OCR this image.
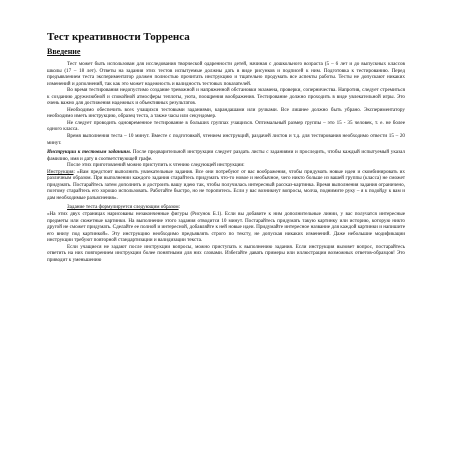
Тест креативности Торренса
Введение

Тест может быть использован для исследования творческой одаренности детей, начиная с дошкольного возраста (5 – 6 лет и до выпускных классов школы (17 – 18 лет). Ответы на задания этих тестов испытуемые должны дать в виде рисунков и подписей к ним. Подготовка к тестированию. Перед предъявлением теста экспериментатор должен полностью прочитать инструкцию и тщательно продумать все аспекты работы. Тесты не допускают никаких изменений и дополнений, так как это может надежность и валидность тестовых показателей.

Во время тестирования недопустимо создание тревожной и напряженной обстановки экзамена, проверки, соперничества. Напротив, следует стремиться к созданию дружелюбной и спокойной атмосферы теплоты, уюта, поощрения воображения. Тестирование должно проходить в виде увлекательной игры. Это очень важно для достижения надежных и объективных результатов.

Необходимо обеспечить всех учащихся тестовыми заданиями, карандашами или ручками. Все лишнее должно быть убрано. Экспериментатору необходимо иметь инструкцию, образец теста, а также часы или секундомер.

Не следует проводить одновременное тестирование в больших группах учащихся. Оптимальный размер группы – это 15 - 35 человек, т. е. не более одного класса.

Время выполнения теста – 10 минут. Вместе с подготовкой, чтением инструкций, раздачей листов и т.д. для тестирования необходимо отвести 15 – 20 минут.

Инструкции к тестовым заданиям. После предварительной инструкции следует раздать листы с заданиями и проследить, чтобы каждый испытуемый указал фамилию, имя и дату в соответствующей графе.

После этих приготовлений можно приступить к чтению следующей инструкции:

Инструкция: «Вам предстоит выполнить увлекательные задания. Все они потребуют от вас воображения, чтобы придумать новые идеи и скомбинировать их различным образом. При выполнении каждого задания старайтесь придумать что-то новое и необычное, чего никто больше из вашей группы (класса) не сможет придумать. Постарайтесь затем дополнить и достроить вашу идею так, чтобы получилась интересный рассказ-картинка. Время выполнения задания ограничено, поэтому старайтесь его хорошо использовать. Работайте быстро, но не торопитесь. Если у вас возникнут вопросы, молча, поднимите руку – я к подойду к вам и дам необходимые разъяснения».

Задание теста формулируется следующим образом:

«На этих двух страницах нарисованы незаконченные фигуры (Рисунок Б.1). Если вы добавите к ним дополнительные линии, у вас получатся интересные предметы или сюжетные картинки. На выполнение этого задания отводится 10 минут. Постарайтесь придумать такую картинку или историю, которую никто другой не сможет придумать. Сделайте ее полной и интересной, добавляйте к ней новые идеи. Придумайте интересное название для каждой картинки и напишите его внизу под картинкой». Эту инструкцию необходимо предъявлять строго по тексту, не допуская никаких изменений. Даже небольшие модификации инструкции требуют повторной стандартизации и валидизации текста.

Если учащиеся не задают после инструкции вопросы, можно приступать к выполнению задания. Если инструкция вызовет вопрос, постарайтесь ответить на них повторением инструкции более понятными для них словами. Избегайте давать примеры или иллюстрации возможных ответов-образцов! Это приводит к уменьшению
